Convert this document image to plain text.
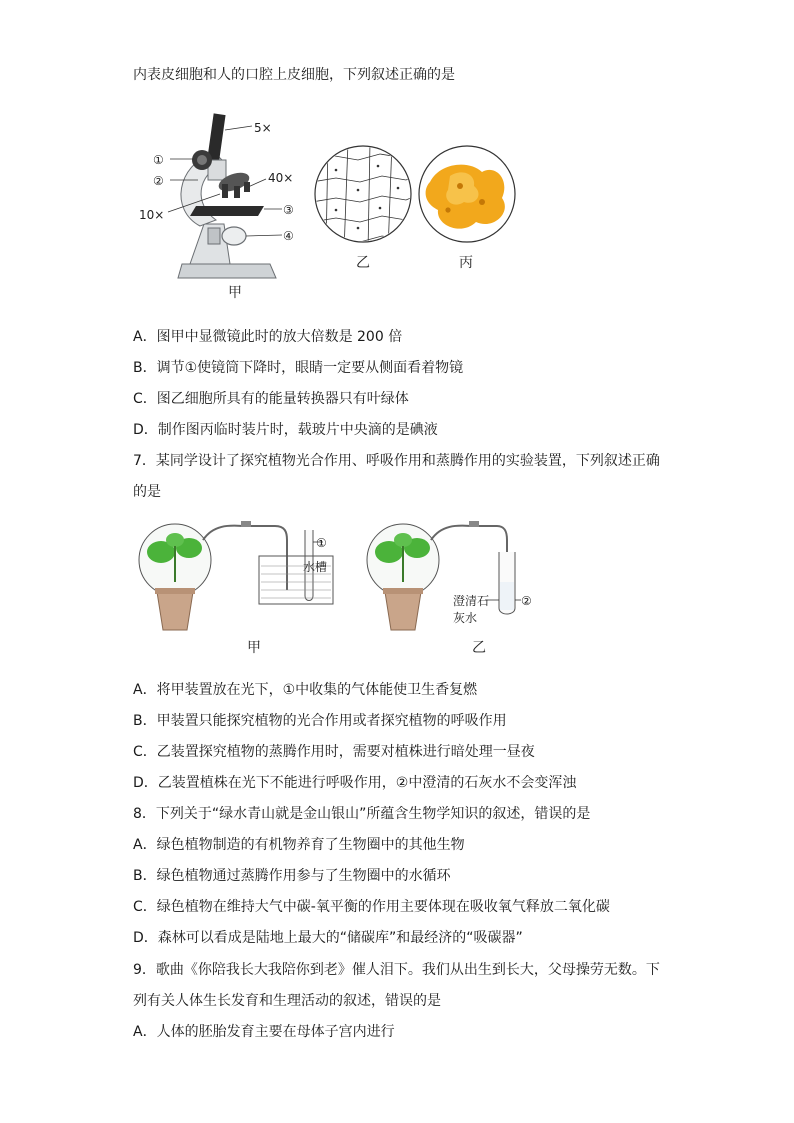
内表皮细胞和人的口腔上皮细胞，下列叙述正确的是
①
②
5×
40×
10×	③
④
甲
乙	丙
A．图甲中显微镜此时的放大倍数是 200 倍
B．调节①使镜筒下降时，眼睛一定要从侧面看着物镜
C．图乙细胞所具有的能量转换器只有叶绿体
D．制作图丙临时装片时，载玻片中央滴的是碘液
7．某同学设计了探究植物光合作用、呼吸作用和蒸腾作用的实验装置，下列叙述正确
的是
①
水槽
甲
②
澄清石
灰水
乙
A．将甲装置放在光下，①中收集的气体能使卫生香复燃
B．甲装置只能探究植物的光合作用或者探究植物的呼吸作用
C．乙装置探究植物的蒸腾作用时，需要对植株进行暗处理一昼夜
D．乙装置植株在光下不能进行呼吸作用，②中澄清的石灰水不会变浑浊
8．下列关于“绿水青山就是金山银山”所蕴含生物学知识的叙述，错误的是
A．绿色植物制造的有机物养育了生物圈中的其他生物
B．绿色植物通过蒸腾作用参与了生物圈中的水循环
C．绿色植物在维持大气中碳-氧平衡的作用主要体现在吸收氧气释放二氧化碳
D．森林可以看成是陆地上最大的“储碳库”和最经济的“吸碳器”
9．歌曲《你陪我长大我陪你到老》催人泪下。我们从出生到长大，父母操劳无数。下
列有关人体生长发育和生理活动的叙述，错误的是
A．人体的胚胎发育主要在母体子宫内进行
